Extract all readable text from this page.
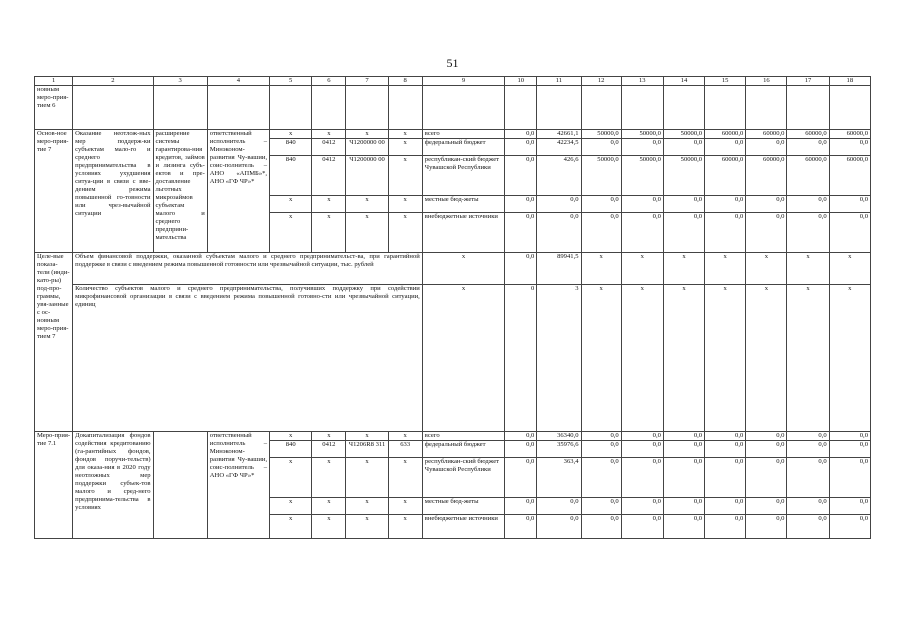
51
1	2	3	4	5	6	7	8	9	10	11	12	13	14	15	16	17	18
новным меро-прия-тием 6																	
Основ-ное меро-прия-тие 7	Оказание неотлож-ных мер поддерж-ки субъектам мало-го и среднего предпринимательства в условиях ухудшения ситуа-ции в связи с вве-дением режима повышенной го-товности или чрез-вычайной ситуации	расширение системы гарантирова-ния кредитов, займов и лизинга субъ-ектов и пре-доставление льготных микрозаймов субъектам малого и среднего предприни-мательства	ответственный исполнитель – Минэконом-развития Чу-вашии, соис-полнитель – АНО «АПМБ»*, АНО «ГФ ЧР»*	x	x	x	x	всего	0,0	42661,1	50000,0	50000,0	50000,0	60000,0	60000,0	60000,0	60000,0
				840	0412	Ч1200000 00	x	федеральный бюджет	0,0	42234,5	0,0	0,0	0,0	0,0	0,0	0,0	0,0
				840	0412	Ч1200000 00	x	республикан-ский бюджет Чувашской Республики	0,0	426,6	50000,0	50000,0	50000,0	60000,0	60000,0	60000,0	60000,0
				x	x	x	x	местные бюд-жеты	0,0	0,0	0,0	0,0	0,0	0,0	0,0	0,0	0,0
				x	x	x	x	внебюджетные источники	0,0	0,0	0,0	0,0	0,0	0,0	0,0	0,0	0,0
Целе-вые показа-тели (инди-като-ры) под-про-граммы, увя-занные с ос-новным меро-прия-тием 7	Объем финансовой поддержки, оказанной субъектам малого и среднего предпринимательст-ва, при гарантийной поддержке в связи с введением режима повышенной готовности или чрезвычайной ситуации, тыс. рублей							x	0,0	89941,5	x	x	x	x	x	x	x
	Количество субъектов малого и среднего предпринимательства, получивших поддержку при содействии микрофинансовой организации в связи с введением режима повышенной готовно-сти или чрезвычайной ситуации, единиц							x	0	3	x	x	x	x	x	x	x
Меро-прия-тие 7.1	Докапитализация фондов содействия кредитованию (га-рантийных фондов, фондов поручи-тельств) для оказа-ния в 2020 году неотложных мер поддержки субъек-тов малого и сред-него предпринима-тельства в условиях		ответственный исполнитель – Минэконом-развития Чу-вашии, соис-полнитель – АНО «ГФ ЧР»*	x	x	x	x	всего	0,0	36340,0	0,0	0,0	0,0	0,0	0,0	0,0	0,0
				840	0412	Ч1206R8 311	633	федеральный бюджет	0,0	35976,6	0,0	0,0	0,0	0,0	0,0	0,0	0,0
				x	x	x	x	республикан-ский бюджет Чувашской Республики	0,0	363,4	0,0	0,0	0,0	0,0	0,0	0,0	0,0
				x	x	x	x	местные бюд-жеты	0,0	0,0	0,0	0,0	0,0	0,0	0,0	0,0	0,0
				x	x	x	x	внебюджетные источники	0,0	0,0	0,0	0,0	0,0	0,0	0,0	0,0	0,0
